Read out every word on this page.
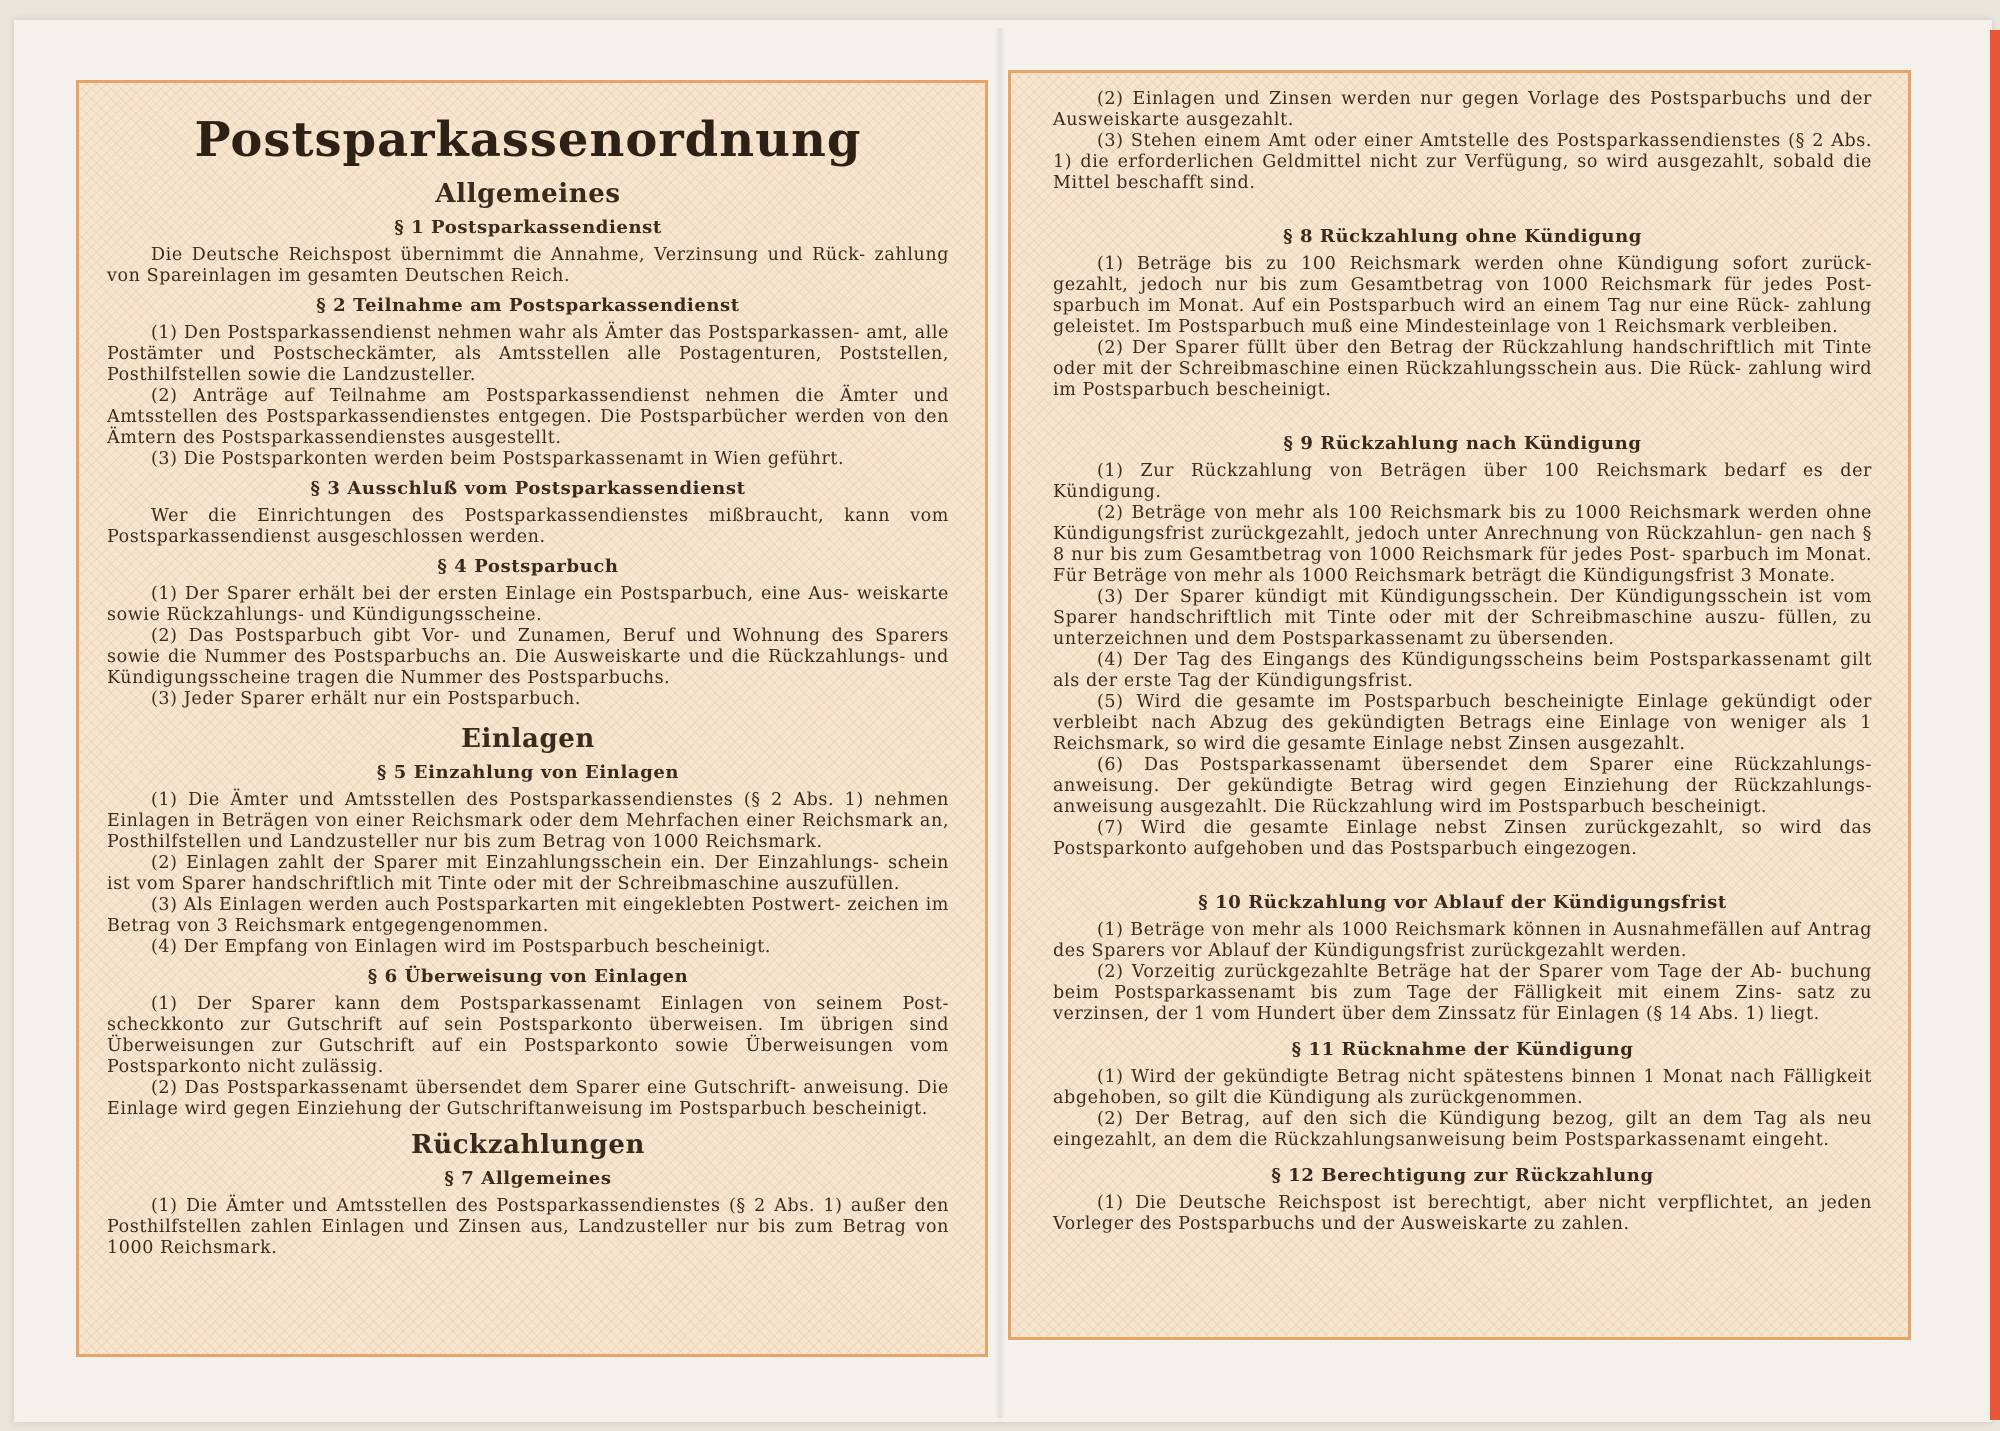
Postsparkassenordnung
Allgemeines
§ 1 Postsparkassendienst

Die Deutsche Reichspost übernimmt die Annahme, Verzinsung und Rück- zahlung von Spareinlagen im gesamten Deutschen Reich.

§ 2 Teilnahme am Postsparkassendienst

(1) Den Postsparkassendienst nehmen wahr als Ämter das Postsparkassen- amt, alle Postämter und Postscheckämter, als Amtsstellen alle Postagenturen, Poststellen, Posthilfstellen sowie die Landzusteller.

(2) Anträge auf Teilnahme am Postsparkassendienst nehmen die Ämter und Amtsstellen des Postsparkassendienstes entgegen. Die Postsparbücher werden von den Ämtern des Postsparkassendienstes ausgestellt.

(3) Die Postsparkonten werden beim Postsparkassenamt in Wien geführt.

§ 3 Ausschluß vom Postsparkassendienst

Wer die Einrichtungen des Postsparkassendienstes mißbraucht, kann vom Postsparkassendienst ausgeschlossen werden.

§ 4 Postsparbuch

(1) Der Sparer erhält bei der ersten Einlage ein Postsparbuch, eine Aus- weiskarte sowie Rückzahlungs- und Kündigungsscheine.

(2) Das Postsparbuch gibt Vor- und Zunamen, Beruf und Wohnung des Sparers sowie die Nummer des Postsparbuchs an. Die Ausweiskarte und die Rückzahlungs- und Kündigungsscheine tragen die Nummer des Postsparbuchs.

(3) Jeder Sparer erhält nur ein Postsparbuch.

Einlagen
§ 5 Einzahlung von Einlagen

(1) Die Ämter und Amtsstellen des Postsparkassendienstes (§ 2 Abs. 1) nehmen Einlagen in Beträgen von einer Reichsmark oder dem Mehrfachen einer Reichsmark an, Posthilfstellen und Landzusteller nur bis zum Betrag von 1000 Reichsmark.

(2) Einlagen zahlt der Sparer mit Einzahlungsschein ein. Der Einzahlungs- schein ist vom Sparer handschriftlich mit Tinte oder mit der Schreibmaschine auszufüllen.

(3) Als Einlagen werden auch Postsparkarten mit eingeklebten Postwert- zeichen im Betrag von 3 Reichsmark entgegengenommen.

(4) Der Empfang von Einlagen wird im Postsparbuch bescheinigt.

§ 6 Überweisung von Einlagen

(1) Der Sparer kann dem Postsparkassenamt Einlagen von seinem Post- scheckkonto zur Gutschrift auf sein Postsparkonto überweisen. Im übrigen sind Überweisungen zur Gutschrift auf ein Postsparkonto sowie Überweisungen vom Postsparkonto nicht zulässig.

(2) Das Postsparkassenamt übersendet dem Sparer eine Gutschrift- anweisung. Die Einlage wird gegen Einziehung der Gutschriftanweisung im Postsparbuch bescheinigt.

Rückzahlungen
§ 7 Allgemeines

(1) Die Ämter und Amtsstellen des Postsparkassendienstes (§ 2 Abs. 1) außer den Posthilfstellen zahlen Einlagen und Zinsen aus, Landzusteller nur bis zum Betrag von 1000 Reichsmark.

(2) Einlagen und Zinsen werden nur gegen Vorlage des Postsparbuchs und der Ausweiskarte ausgezahlt.

(3) Stehen einem Amt oder einer Amtstelle des Postsparkassendienstes (§ 2 Abs. 1) die erforderlichen Geldmittel nicht zur Verfügung, so wird ausgezahlt, sobald die Mittel beschafft sind.

§ 8 Rückzahlung ohne Kündigung

(1) Beträge bis zu 100 Reichsmark werden ohne Kündigung sofort zurück- gezahlt, jedoch nur bis zum Gesamtbetrag von 1000 Reichsmark für jedes Post- sparbuch im Monat. Auf ein Postsparbuch wird an einem Tag nur eine Rück- zahlung geleistet. Im Postsparbuch muß eine Mindesteinlage von 1 Reichsmark verbleiben.

(2) Der Sparer füllt über den Betrag der Rückzahlung handschriftlich mit Tinte oder mit der Schreibmaschine einen Rückzahlungsschein aus. Die Rück- zahlung wird im Postsparbuch bescheinigt.

§ 9 Rückzahlung nach Kündigung

(1) Zur Rückzahlung von Beträgen über 100 Reichsmark bedarf es der Kündigung.

(2) Beträge von mehr als 100 Reichsmark bis zu 1000 Reichsmark werden ohne Kündigungsfrist zurückgezahlt, jedoch unter Anrechnung von Rückzahlun- gen nach § 8 nur bis zum Gesamtbetrag von 1000 Reichsmark für jedes Post- sparbuch im Monat. Für Beträge von mehr als 1000 Reichsmark beträgt die Kündigungsfrist 3 Monate.

(3) Der Sparer kündigt mit Kündigungsschein. Der Kündigungsschein ist vom Sparer handschriftlich mit Tinte oder mit der Schreibmaschine auszu- füllen, zu unterzeichnen und dem Postsparkassenamt zu übersenden.

(4) Der Tag des Eingangs des Kündigungsscheins beim Postsparkassenamt gilt als der erste Tag der Kündigungsfrist.

(5) Wird die gesamte im Postsparbuch bescheinigte Einlage gekündigt oder verbleibt nach Abzug des gekündigten Betrags eine Einlage von weniger als 1 Reichsmark, so wird die gesamte Einlage nebst Zinsen ausgezahlt.

(6) Das Postsparkassenamt übersendet dem Sparer eine Rückzahlungs- anweisung. Der gekündigte Betrag wird gegen Einziehung der Rückzahlungs- anweisung ausgezahlt. Die Rückzahlung wird im Postsparbuch bescheinigt.

(7) Wird die gesamte Einlage nebst Zinsen zurückgezahlt, so wird das Postsparkonto aufgehoben und das Postsparbuch eingezogen.

§ 10 Rückzahlung vor Ablauf der Kündigungsfrist

(1) Beträge von mehr als 1000 Reichsmark können in Ausnahmefällen auf Antrag des Sparers vor Ablauf der Kündigungsfrist zurückgezahlt werden.

(2) Vorzeitig zurückgezahlte Beträge hat der Sparer vom Tage der Ab- buchung beim Postsparkassenamt bis zum Tage der Fälligkeit mit einem Zins- satz zu verzinsen, der 1 vom Hundert über dem Zinssatz für Einlagen (§ 14 Abs. 1) liegt.

§ 11 Rücknahme der Kündigung

(1) Wird der gekündigte Betrag nicht spätestens binnen 1 Monat nach Fälligkeit abgehoben, so gilt die Kündigung als zurückgenommen.

(2) Der Betrag, auf den sich die Kündigung bezog, gilt an dem Tag als neu eingezahlt, an dem die Rückzahlungsanweisung beim Postsparkassenamt eingeht.

§ 12 Berechtigung zur Rückzahlung

(1) Die Deutsche Reichspost ist berechtigt, aber nicht verpflichtet, an jeden Vorleger des Postsparbuchs und der Ausweiskarte zu zahlen.
